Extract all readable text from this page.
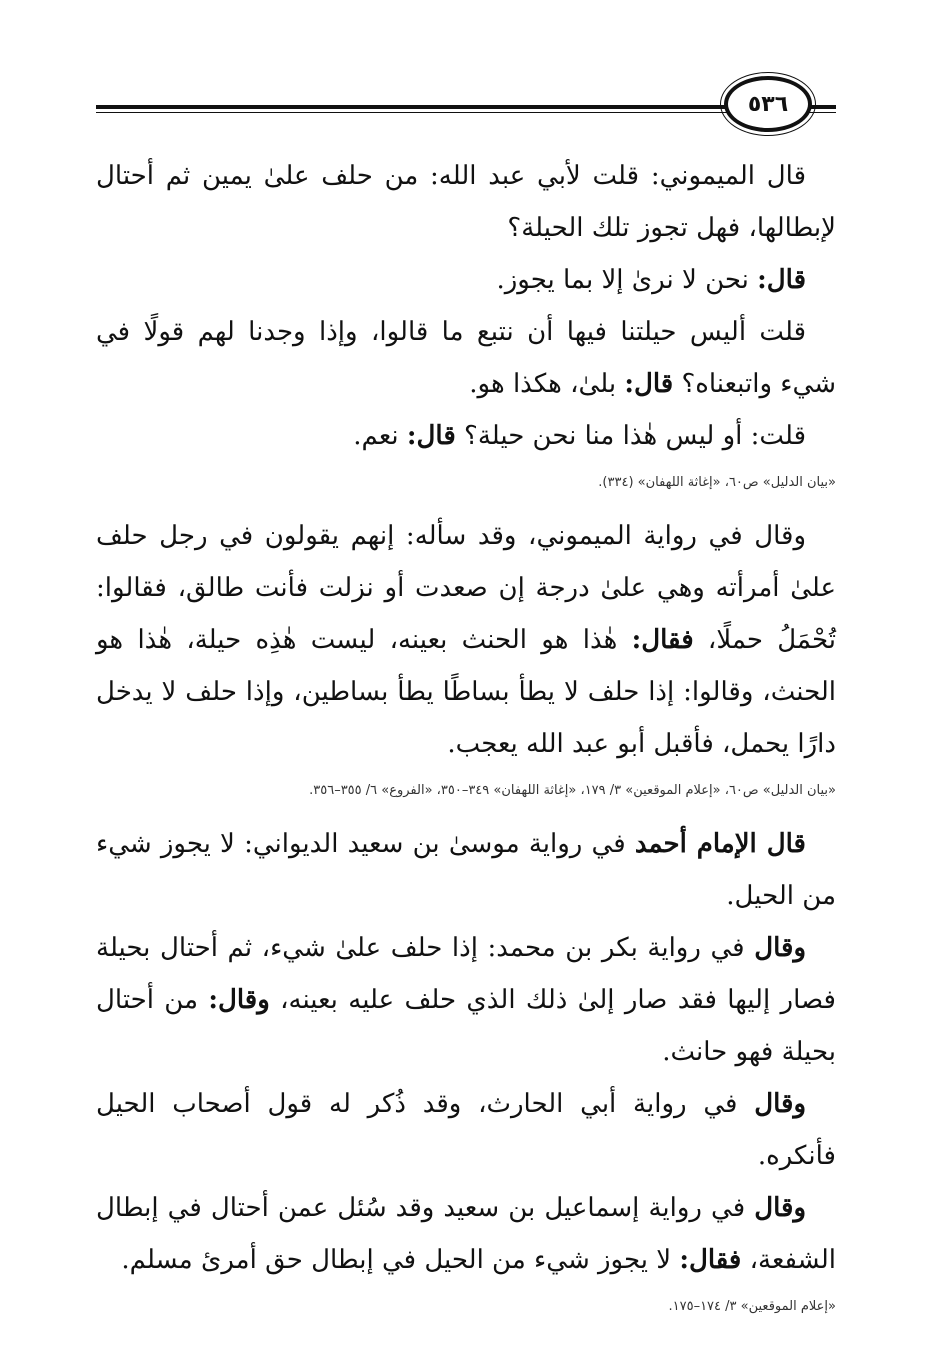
٥٣٦

قال الميموني: قلت لأبي عبد الله: من حلف علىٰ يمين ثم أحتال لإبطالها، فهل تجوز تلك الحيلة؟

قال: نحن لا نرىٰ إلا بما يجوز.

قلت أليس حيلتنا فيها أن نتبع ما قالوا، وإذا وجدنا لهم قولًا في شيء واتبعناه؟ قال: بلىٰ، هكذا هو.

قلت: أو ليس هٰذا منا نحن حيلة؟ قال: نعم.

«بيان الدليل» ص٦٠، «إغاثة اللهفان» (٣٣٤).

وقال في رواية الميموني، وقد سأله: إنهم يقولون في رجل حلف علىٰ أمرأته وهي علىٰ درجة إن صعدت أو نزلت فأنت طالق، فقالوا: تُحْمَلُ حملًا، فقال: هٰذا هو الحنث بعينه، ليست هٰذِه حيلة، هٰذا هو الحنث، وقالوا: إذا حلف لا يطأ بساطًا يطأ بساطين، وإذا حلف لا يدخل دارًا يحمل، فأقبل أبو عبد الله يعجب.

«بيان الدليل» ص٦٠، «إعلام الموقعين» ٣/ ١٧٩، «إغاثة اللهفان» ٣٤٩–٣٥٠، «الفروع» ٦/ ٣٥٥–٣٥٦.

قال الإمام أحمد في رواية موسىٰ بن سعيد الديواني: لا يجوز شيء من الحيل.

وقال في رواية بكر بن محمد: إذا حلف علىٰ شيء، ثم أحتال بحيلة فصار إليها فقد صار إلىٰ ذلك الذي حلف عليه بعينه، وقال: من أحتال بحيلة فهو حانث.

وقال في رواية أبي الحارث، وقد ذُكر له قول أصحاب الحيل فأنكره.

وقال في رواية إسماعيل بن سعيد وقد سُئل عمن أحتال في إبطال الشفعة، فقال: لا يجوز شيء من الحيل في إبطال حق أمرئ مسلم.

«إعلام الموقعين» ٣/ ١٧٤–١٧٥.
